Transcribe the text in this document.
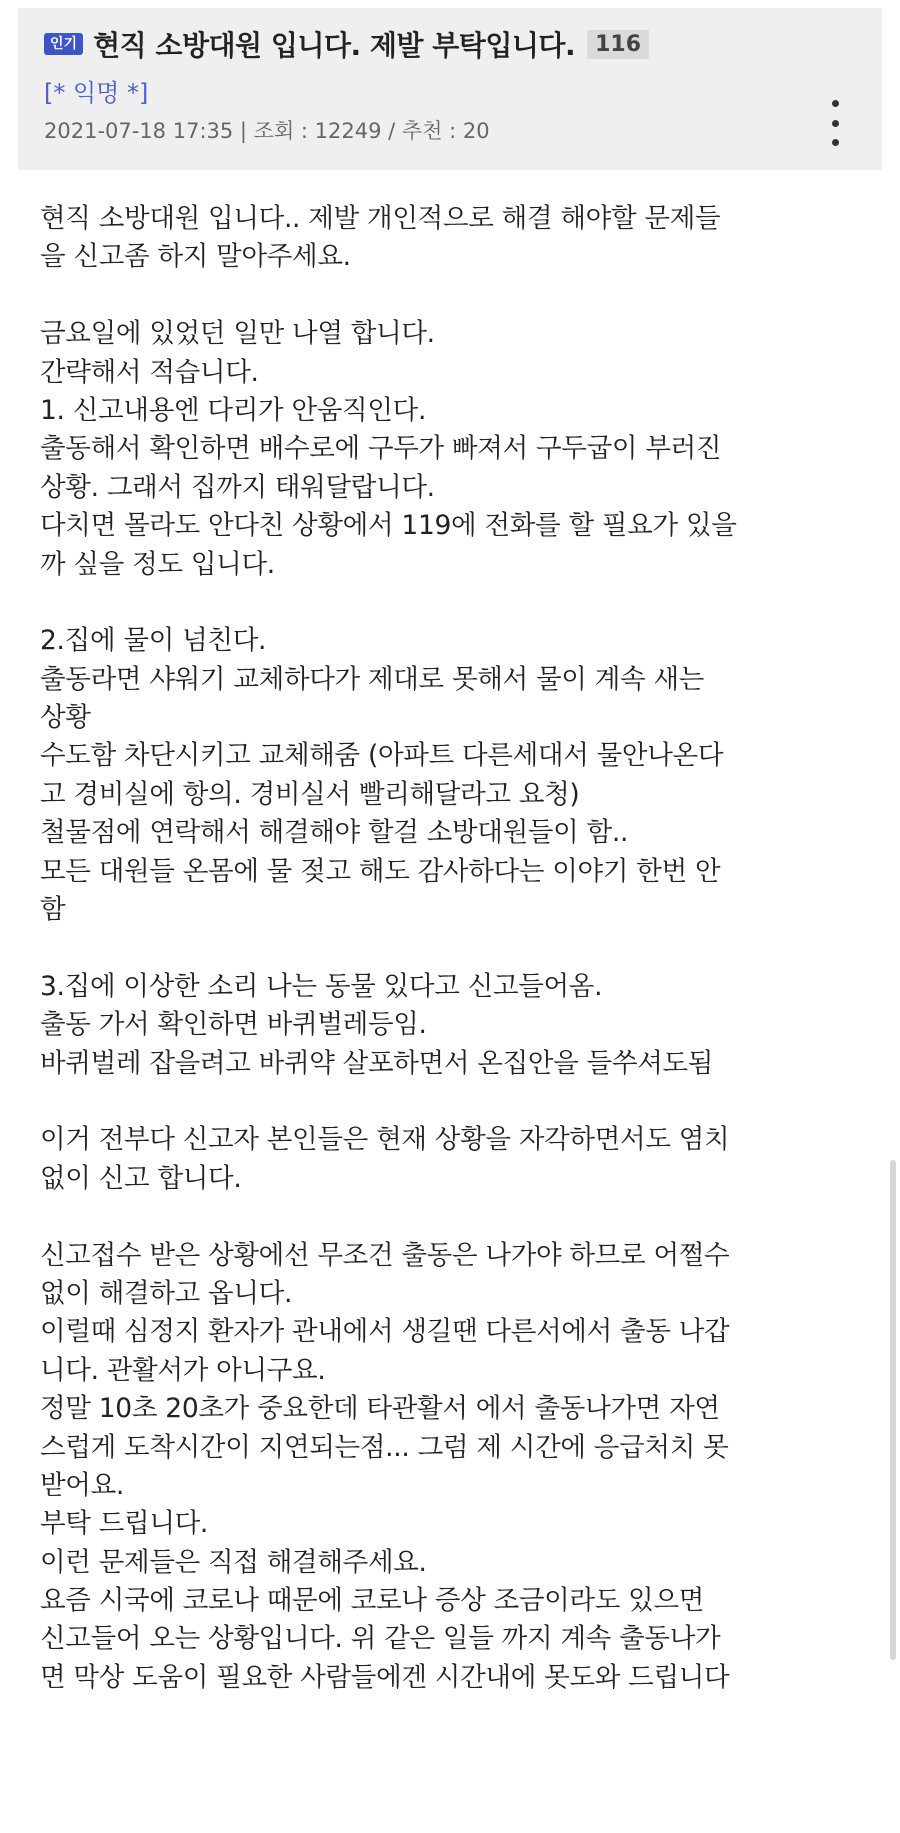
인기 현직 소방대원 입니다. 제발 부탁입니다. 116
[* 익명 *]
2021-07-18 17:35 | 조회 : 12249 / 추천 : 20

현직 소방대원 입니다.. 제발 개인적으로 해결 해야할 문제들

을 신고좀 하지 말아주세요.

금요일에 있었던 일만 나열 합니다.

간략해서 적습니다.

1. 신고내용엔 다리가 안움직인다.

출동해서 확인하면 배수로에 구두가 빠져서 구두굽이 부러진

상황. 그래서 집까지 태워달랍니다.

다치면 몰라도 안다친 상황에서 119에 전화를 할 필요가 있을

까 싶을 정도 입니다.

2.집에 물이 넘친다.

출동라면 샤워기 교체하다가 제대로 못해서 물이 계속 새는

상황

수도함 차단시키고 교체해줌 (아파트 다른세대서 물안나온다

고 경비실에 항의. 경비실서 빨리해달라고 요청)

철물점에 연락해서 해결해야 할걸 소방대원들이 함..

모든 대원들 온몸에 물 젖고 해도 감사하다는 이야기 한번 안

함

3.집에 이상한 소리 나는 동물 있다고 신고들어옴.

출동 가서 확인하면 바퀴벌레등임.

바퀴벌레 잡을려고 바퀴약 살포하면서 온집안을 들쑤셔도됨

이거 전부다 신고자 본인들은 현재 상황을 자각하면서도 염치

없이 신고 합니다.

신고접수 받은 상황에선 무조건 출동은 나가야 하므로 어쩔수

없이 해결하고 옵니다.

이럴때 심정지 환자가 관내에서 생길땐 다른서에서 출동 나갑

니다. 관활서가 아니구요.

정말 10초 20초가 중요한데 타관활서 에서 출동나가면 자연

스럽게 도착시간이 지연되는점... 그럼 제 시간에 응급처치 못

받어요.

부탁 드립니다.

이런 문제들은 직접 해결해주세요.

요즘 시국에 코로나 때문에 코로나 증상 조금이라도 있으면

신고들어 오는 상황입니다. 위 같은 일들 까지 계속 출동나가

면 막상 도움이 필요한 사람들에겐 시간내에 못도와 드립니다
